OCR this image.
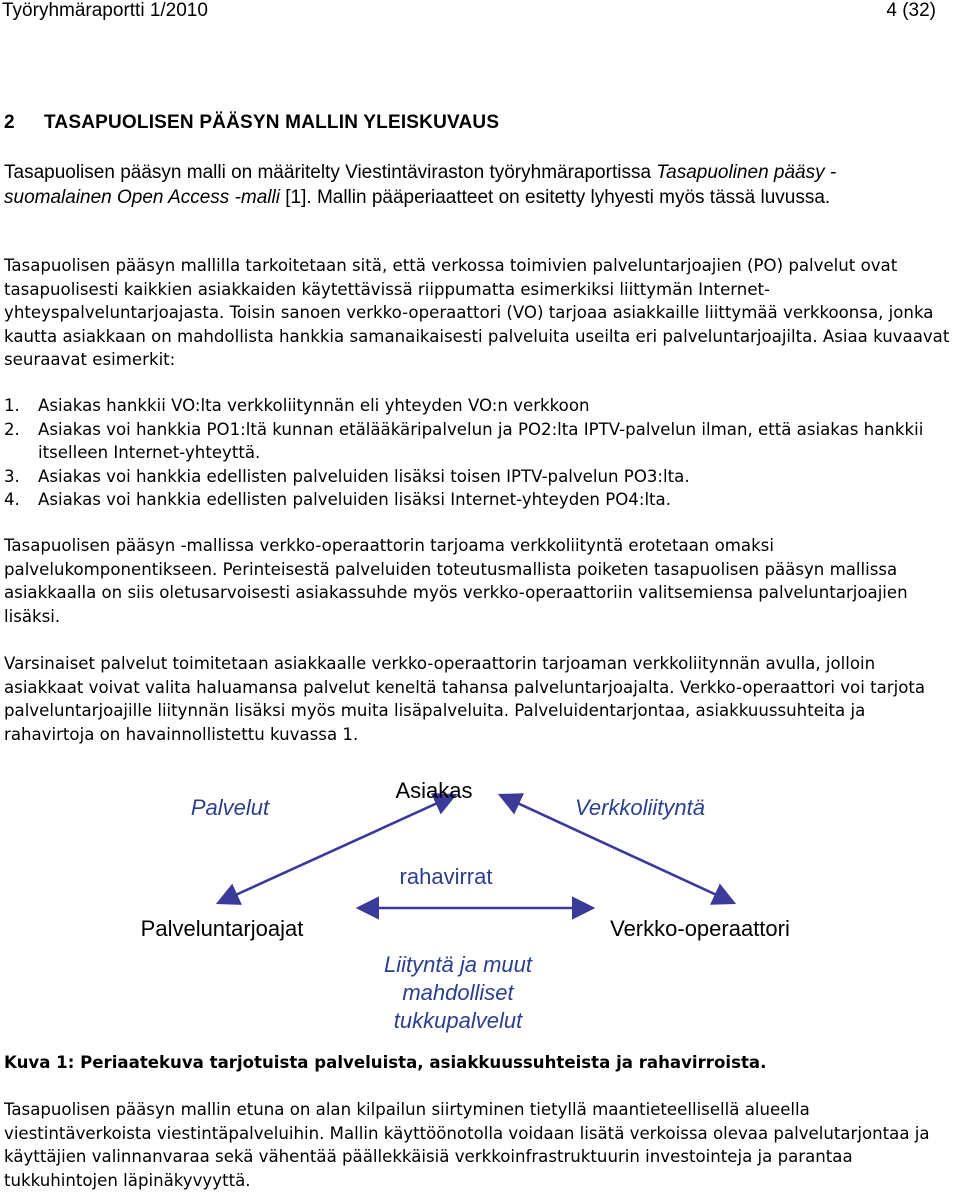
Työryhmäraportti 1/2010	4 (32)
2 TASAPUOLISEN PÄÄSYN MALLIN YLEISKUVAUS
Tasapuolisen pääsyn malli on määritelty Viestintäviraston työryhmäraportissa Tasapuolinen pääsy - suomalainen Open Access -malli [1]. Mallin pääperiaatteet on esitetty lyhyesti myös tässä luvussa.
Tasapuolisen pääsyn mallilla tarkoitetaan sitä, että verkossa toimivien palveluntarjoajien (PO) palvelut ovat tasapuolisesti kaikkien asiakkaiden käytettävissä riippumatta esimerkiksi liittymän Internet-yhteyspalveluntarjoajasta. Toisin sanoen verkko-operaattori (VO) tarjoaa asiakkaille liittymää verkkoonsa, jonka kautta asiakkaan on mahdollista hankkia samanaikaisesti palveluita useilta eri palveluntarjoajilta. Asiaa kuvaavat seuraavat esimerkit:
1. Asiakas hankkii VO:lta verkkoliitynnän eli yhteyden VO:n verkkoon
2. Asiakas voi hankkia PO1:ltä kunnan etälääkäripalvelun ja PO2:lta IPTV-palvelun ilman, että asiakas hankkii itselleen Internet-yhteyttä.
3. Asiakas voi hankkia edellisten palveluiden lisäksi toisen IPTV-palvelun PO3:lta.
4. Asiakas voi hankkia edellisten palveluiden lisäksi Internet-yhteyden PO4:lta.
Tasapuolisen pääsyn -mallissa verkko-operaattorin tarjoama verkkoliityntä erotetaan omaksi palvelukomponentikseen. Perinteisestä palveluiden toteutusmallista poiketen tasapuolisen pääsyn mallissa asiakkaalla on siis oletusarvoisesti asiakassuhde myös verkko-operaattoriin valitsemiensa palveluntarjoajien lisäksi.
Varsinaiset palvelut toimitetaan asiakkaalle verkko-operaattorin tarjoaman verkkoliitynnän avulla, jolloin asiakkaat voivat valita haluamansa palvelut keneltä tahansa palveluntarjoajalta. Verkko-operaattori voi tarjota palveluntarjoajille liitynnän lisäksi myös muita lisäpalveluita. Palveluidentarjontaa, asiakkuussuhteita ja rahavirtoja on havainnollistettu kuvassa 1.
Asiakas
Palvelut	Verkkoliityntä
rahavirrat
Palveluntarjoajat	Verkko-operaattori
Liityntä ja muut
mahdolliset
tukkupalvelut
Kuva 1: Periaatekuva tarjotuista palveluista, asiakkuussuhteista ja rahavirroista.
Tasapuolisen pääsyn mallin etuna on alan kilpailun siirtyminen tietyllä maantieteellisellä alueella viestintäverkoista viestintäpalveluihin. Mallin käyttöönotolla voidaan lisätä verkoissa olevaa palvelutarjontaa ja käyttäjien valinnanvaraa sekä vähentää päällekkäisiä verkkoinfrastruktuurin investointeja ja parantaa tukkuhintojen läpinäkyvyyttä.
